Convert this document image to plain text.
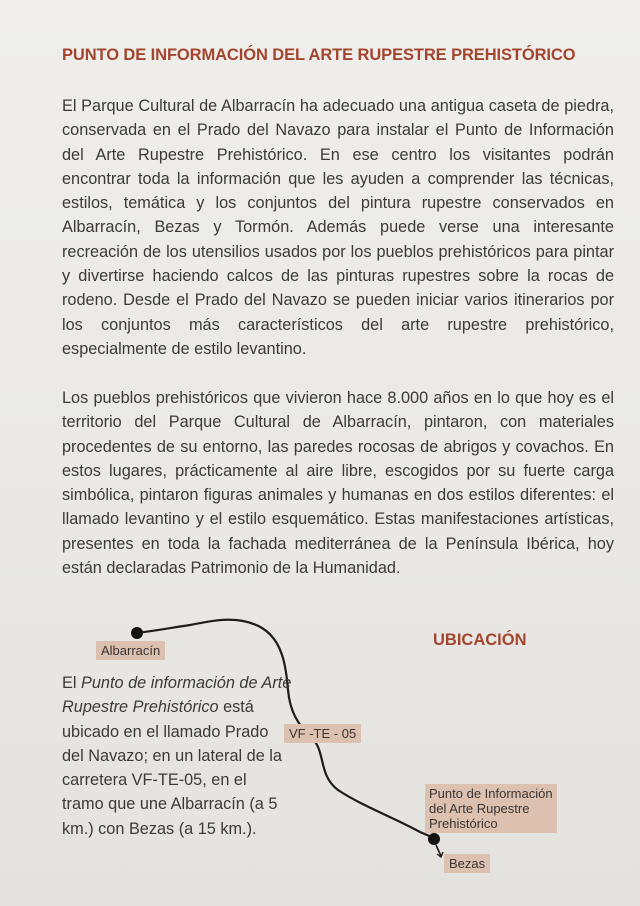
PUNTO DE INFORMACIÓN DEL ARTE RUPESTRE PREHISTÓRICO
El Parque Cultural de Albarracín ha adecuado una antigua caseta de piedra, conservada en el Prado del Navazo para instalar el Punto de Información del Arte Rupestre Prehistórico. En ese centro los visitantes podrán encontrar toda la información que les ayuden a comprender las técnicas, estilos, temática y los conjuntos del pintura rupestre conservados en Albarracín, Bezas y Tormón. Además puede verse una interesante recreación de los utensilios usados por los pueblos prehistóricos para pintar y divertirse haciendo calcos de las pinturas rupestres sobre la rocas de rodeno. Desde el Prado del Navazo se pueden iniciar varios itinerarios por los conjuntos más característicos del arte rupestre prehistórico, especialmente de estilo levantino.
Los pueblos prehistóricos que vivieron hace 8.000 años en lo que hoy es el territorio del Parque Cultural de Albarracín, pintaron, con materiales procedentes de su entorno, las paredes rocosas de abrigos y covachos. En estos lugares, prácticamente al aire libre, escogidos por su fuerte carga simbólica, pintaron figuras animales y humanas en dos estilos diferentes: el llamado levantino y el estilo esquemático. Estas manifestaciones artísticas, presentes en toda la fachada mediterránea de la Península Ibérica, hoy están declaradas Patrimonio de la Humanidad.
Albarracín
VF -TE - 05
Punto de Información
del Arte Rupestre
Prehistórico
Bezas
UBICACIÓN
El Punto de información de Arte Rupestre Prehistórico está ubicado en el llamado Prado del Navazo; en un lateral de la carretera VF-TE-05, en el tramo que une Albarracín (a 5 km.) con Bezas (a 15 km.).
